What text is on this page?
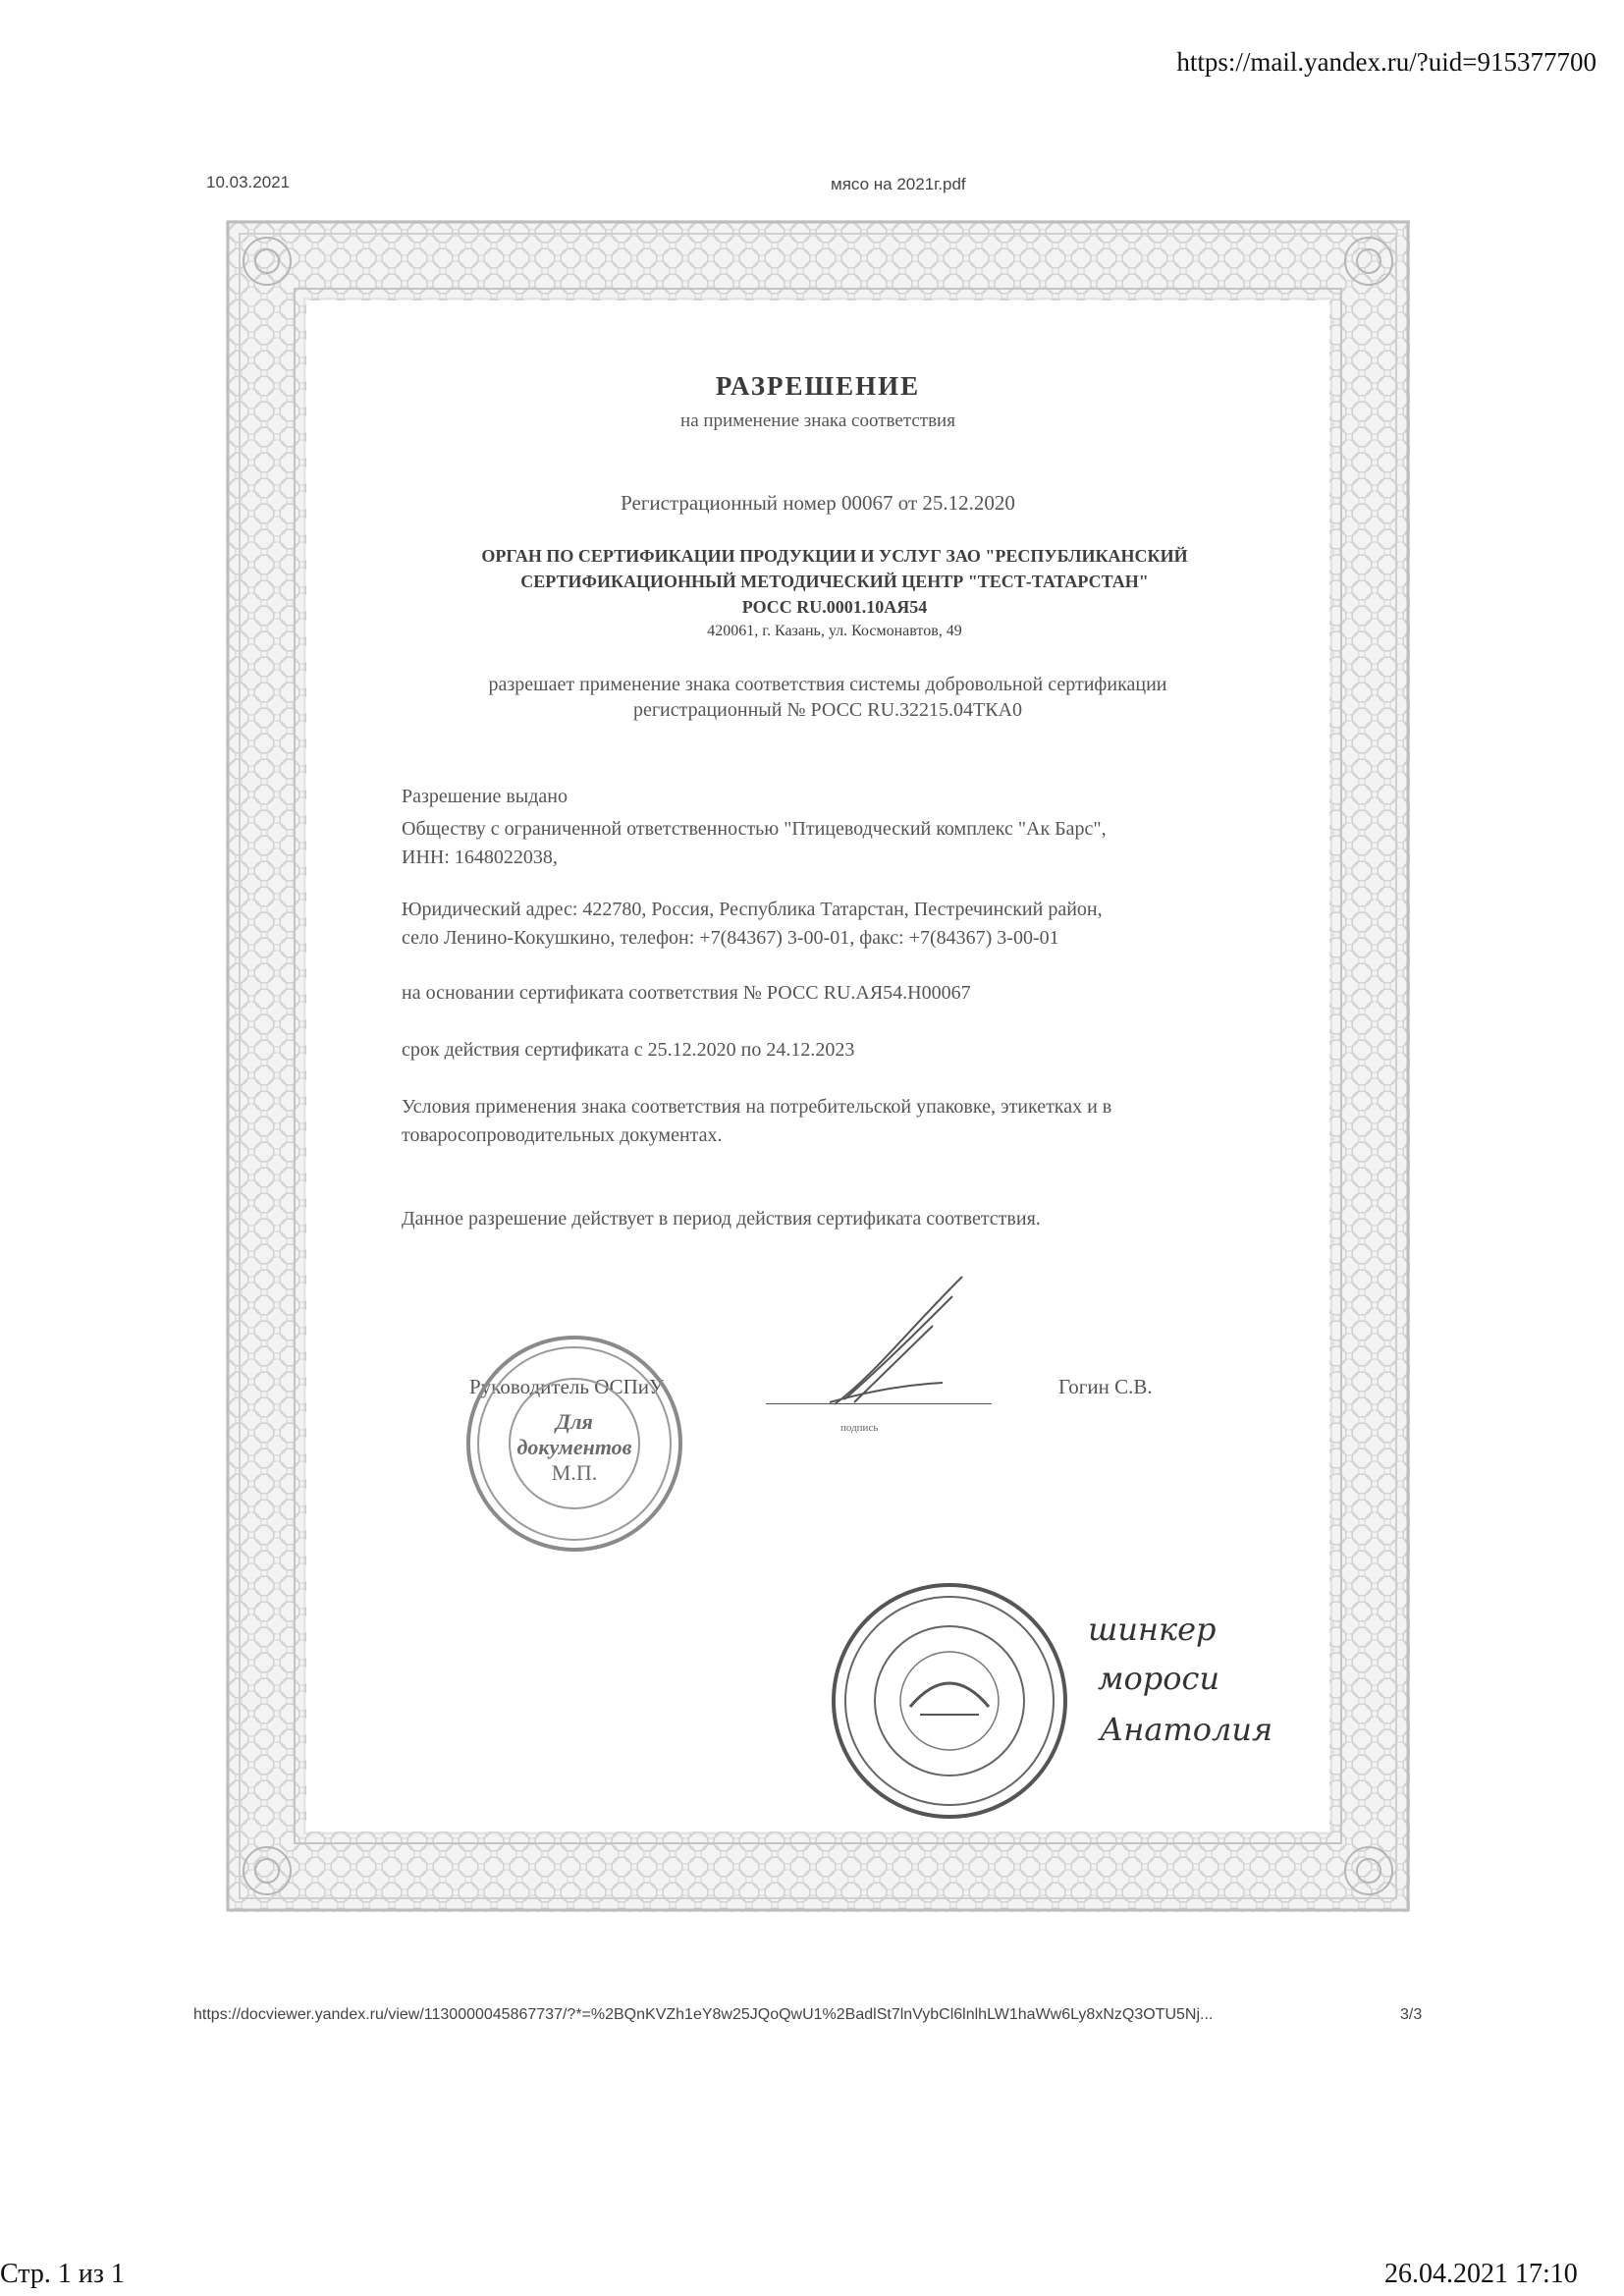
https://mail.yandex.ru/?uid=915377700
10.03.2021	мясо на 2021г.pdf
РАЗРЕШЕНИЕ
на применение знака соответствия
Регистрационный номер 00067 от 25.12.2020
ОРГАН ПО СЕРТИФИКАЦИИ ПРОДУКЦИИ И УСЛУГ ЗАО "РЕСПУБЛИКАНСКИЙ
СЕРТИФИКАЦИОННЫЙ МЕТОДИЧЕСКИЙ ЦЕНТР "ТЕСТ-ТАТАРСТАН"
РОСС RU.0001.10АЯ54
420061, г. Казань, ул. Космонавтов, 49
разрешает применение знака соответствия системы добровольной сертификации
регистрационный № РОСС RU.32215.04ТКА0
Разрешение выдано
Обществу с ограниченной ответственностью "Птицеводческий комплекс "Ак Барс",
ИНН: 1648022038,
Юридический адрес: 422780, Россия, Республика Татарстан, Пестречинский район,
село Ленино-Кокушкино, телефон: +7(84367) 3-00-01, факс: +7(84367) 3-00-01
на основании сертификата соответствия № РОСС RU.АЯ54.Н00067
срок действия сертификата с 25.12.2020 по 24.12.2023
Условия применения знака соответствия на потребительской упаковке, этикетках и в
товаросопроводительных документах.
Данное разрешение действует в период действия сертификата соответствия.
Руководитель ОСПиУ
подпись
Гогин С.В.
Для
документов
М.П.
шинкер
мороси
Анатолия
https://docviewer.yandex.ru/view/1130000045867737/?*=%2BQnKVZh1eY8w25JQoQwU1%2BadlSt7lnVybCl6lnlhLW1haWw6Ly8xNzQ3OTU5Nj...	3/3
Стр. 1 из 1	26.04.2021 17:10
